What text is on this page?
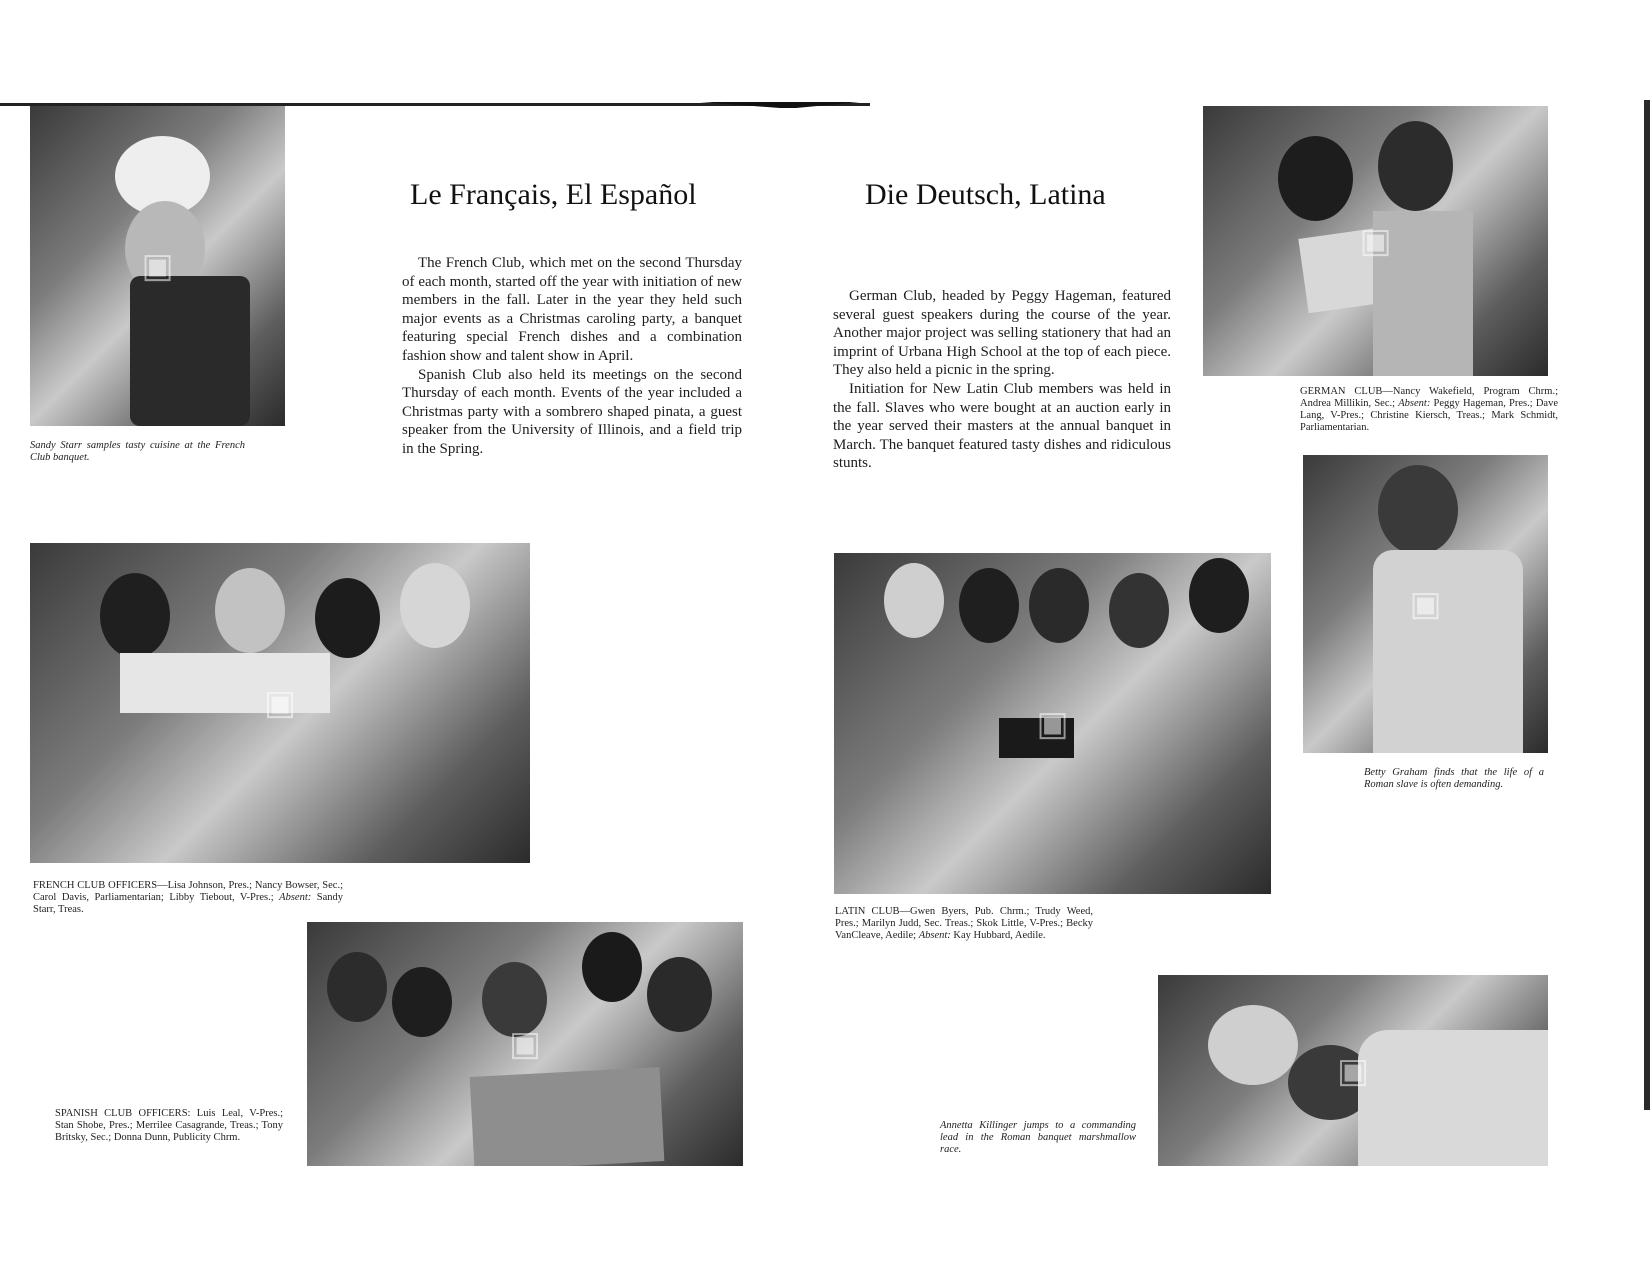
▣
Sandy Starr samples tasty cuisine at the French Club banquet.
Le Français, El Español

The French Club, which met on the second Thursday of each month, started off the year with initiation of new members in the fall. Later in the year they held such major events as a Christmas caroling party, a banquet featuring special French dishes and a combination fashion show and talent show in April.

Spanish Club also held its meetings on the second Thursday of each month. Events of the year included a Christmas party with a sombrero shaped pinata, a guest speaker from the University of Illinois, and a field trip in the Spring.

▣
FRENCH CLUB OFFICERS—Lisa Johnson, Pres.; Nancy Bowser, Sec.; Carol Davis, Parliamentarian; Libby Tiebout, V-Pres.; Absent: Sandy Starr, Treas.
▣
SPANISH CLUB OFFICERS: Luis Leal, V-Pres.; Stan Shobe, Pres.; Merrilee Casagrande, Treas.; Tony Britsky, Sec.; Donna Dunn, Publicity Chrm.
Die Deutsch, Latina

German Club, headed by Peggy Hageman, featured several guest speakers during the course of the year. Another major project was selling stationery that had an imprint of Urbana High School at the top of each piece. They also held a picnic in the spring.

Initiation for New Latin Club members was held in the fall. Slaves who were bought at an auction early in the year served their masters at the annual banquet in March. The banquet featured tasty dishes and ridiculous stunts.

▣
GERMAN CLUB—Nancy Wakefield, Program Chrm.; Andrea Millikin, Sec.; Absent: Peggy Hageman, Pres.; Dave Lang, V-Pres.; Christine Kiersch, Treas.; Mark Schmidt, Parliamentarian.
▣
Betty Graham finds that the life of a Roman slave is often demanding.
▣
LATIN CLUB—Gwen Byers, Pub. Chrm.; Trudy Weed, Pres.; Marilyn Judd, Sec. Treas.; Skok Little, V-Pres.; Becky VanCleave, Aedile; Absent: Kay Hubbard, Aedile.
▣
Annetta Killinger jumps to a commanding lead in the Roman banquet marshmallow race.
